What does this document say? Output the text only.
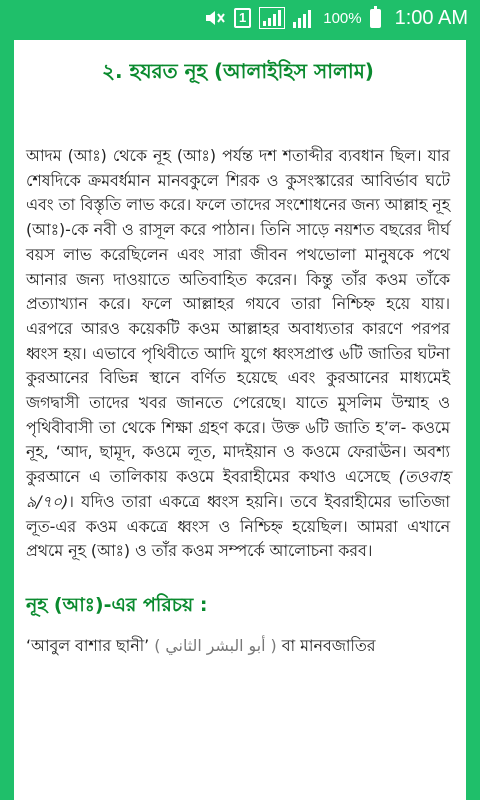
1	100% 1:00 AM
২. হযরত নূহ (আলাইহিস সালাম)

আদম (আঃ) থেকে নূহ (আঃ) পর্যন্ত দশ শতাব্দীর ব্যবধান ছিল। যার শেষদিকে ক্রমবর্ধমান মানবকুলে শিরক ও কুসংস্কারের আবির্ভাব ঘটে এবং তা বিস্তৃতি লাভ করে। ফলে তাদের সংশোধনের জন্য আল্লাহ নূহ (আঃ)-কে নবী ও রাসূল করে পাঠান। তিনি সাড়ে নয়শত বছরের দীর্ঘ বয়স লাভ করেছিলেন এবং সারা জীবন পথভোলা মানুষকে পথে আনার জন্য দাওয়াতে অতিবাহিত করেন। কিন্তু তাঁর কওম তাঁকে প্রত্যাখ্যান করে। ফলে আল্লাহর গযবে তারা নিশ্চিহ্ন হয়ে যায়। এরপরে আরও কয়েকটি কওম আল্লাহর অবাধ্যতার কারণে পরপর ধ্বংস হয়। এভাবে পৃথিবীতে আদি যুগে ধ্বংসপ্রাপ্ত ৬টি জাতির ঘটনা কুরআনের বিভিন্ন স্থানে বর্ণিত হয়েছে এবং কুরআনের মাধ্যমেই জগদ্বাসী তাদের খবর জানতে পেরেছে। যাতে মুসলিম উম্মাহ ও পৃথিবীবাসী তা থেকে শিক্ষা গ্রহণ করে। উক্ত ৬টি জাতি হ’ল- কওমে নূহ, ‘আদ, ছামূদ, কওমে লূত, মাদইয়ান ও কওমে ফেরাঊন। অবশ্য কুরআনে এ তালিকায় কওমে ইবরাহীমের কথাও এসেছে (তওবাহ ৯/৭০)। যদিও তারা একত্রে ধ্বংস হয়নি। তবে ইবরাহীমের ভাতিজা লূত-এর কওম একত্রে ধ্বংস ও নিশ্চিহ্ন হয়েছিল। আমরা এখানে প্রথমে নূহ (আঃ) ও তাঁর কওম সম্পর্কে আলোচনা করব।

নূহ (আঃ)-এর পরিচয় :

‘আবুল বাশার ছানী’ ( أبو البشر الثاني ) বা মানবজাতির
